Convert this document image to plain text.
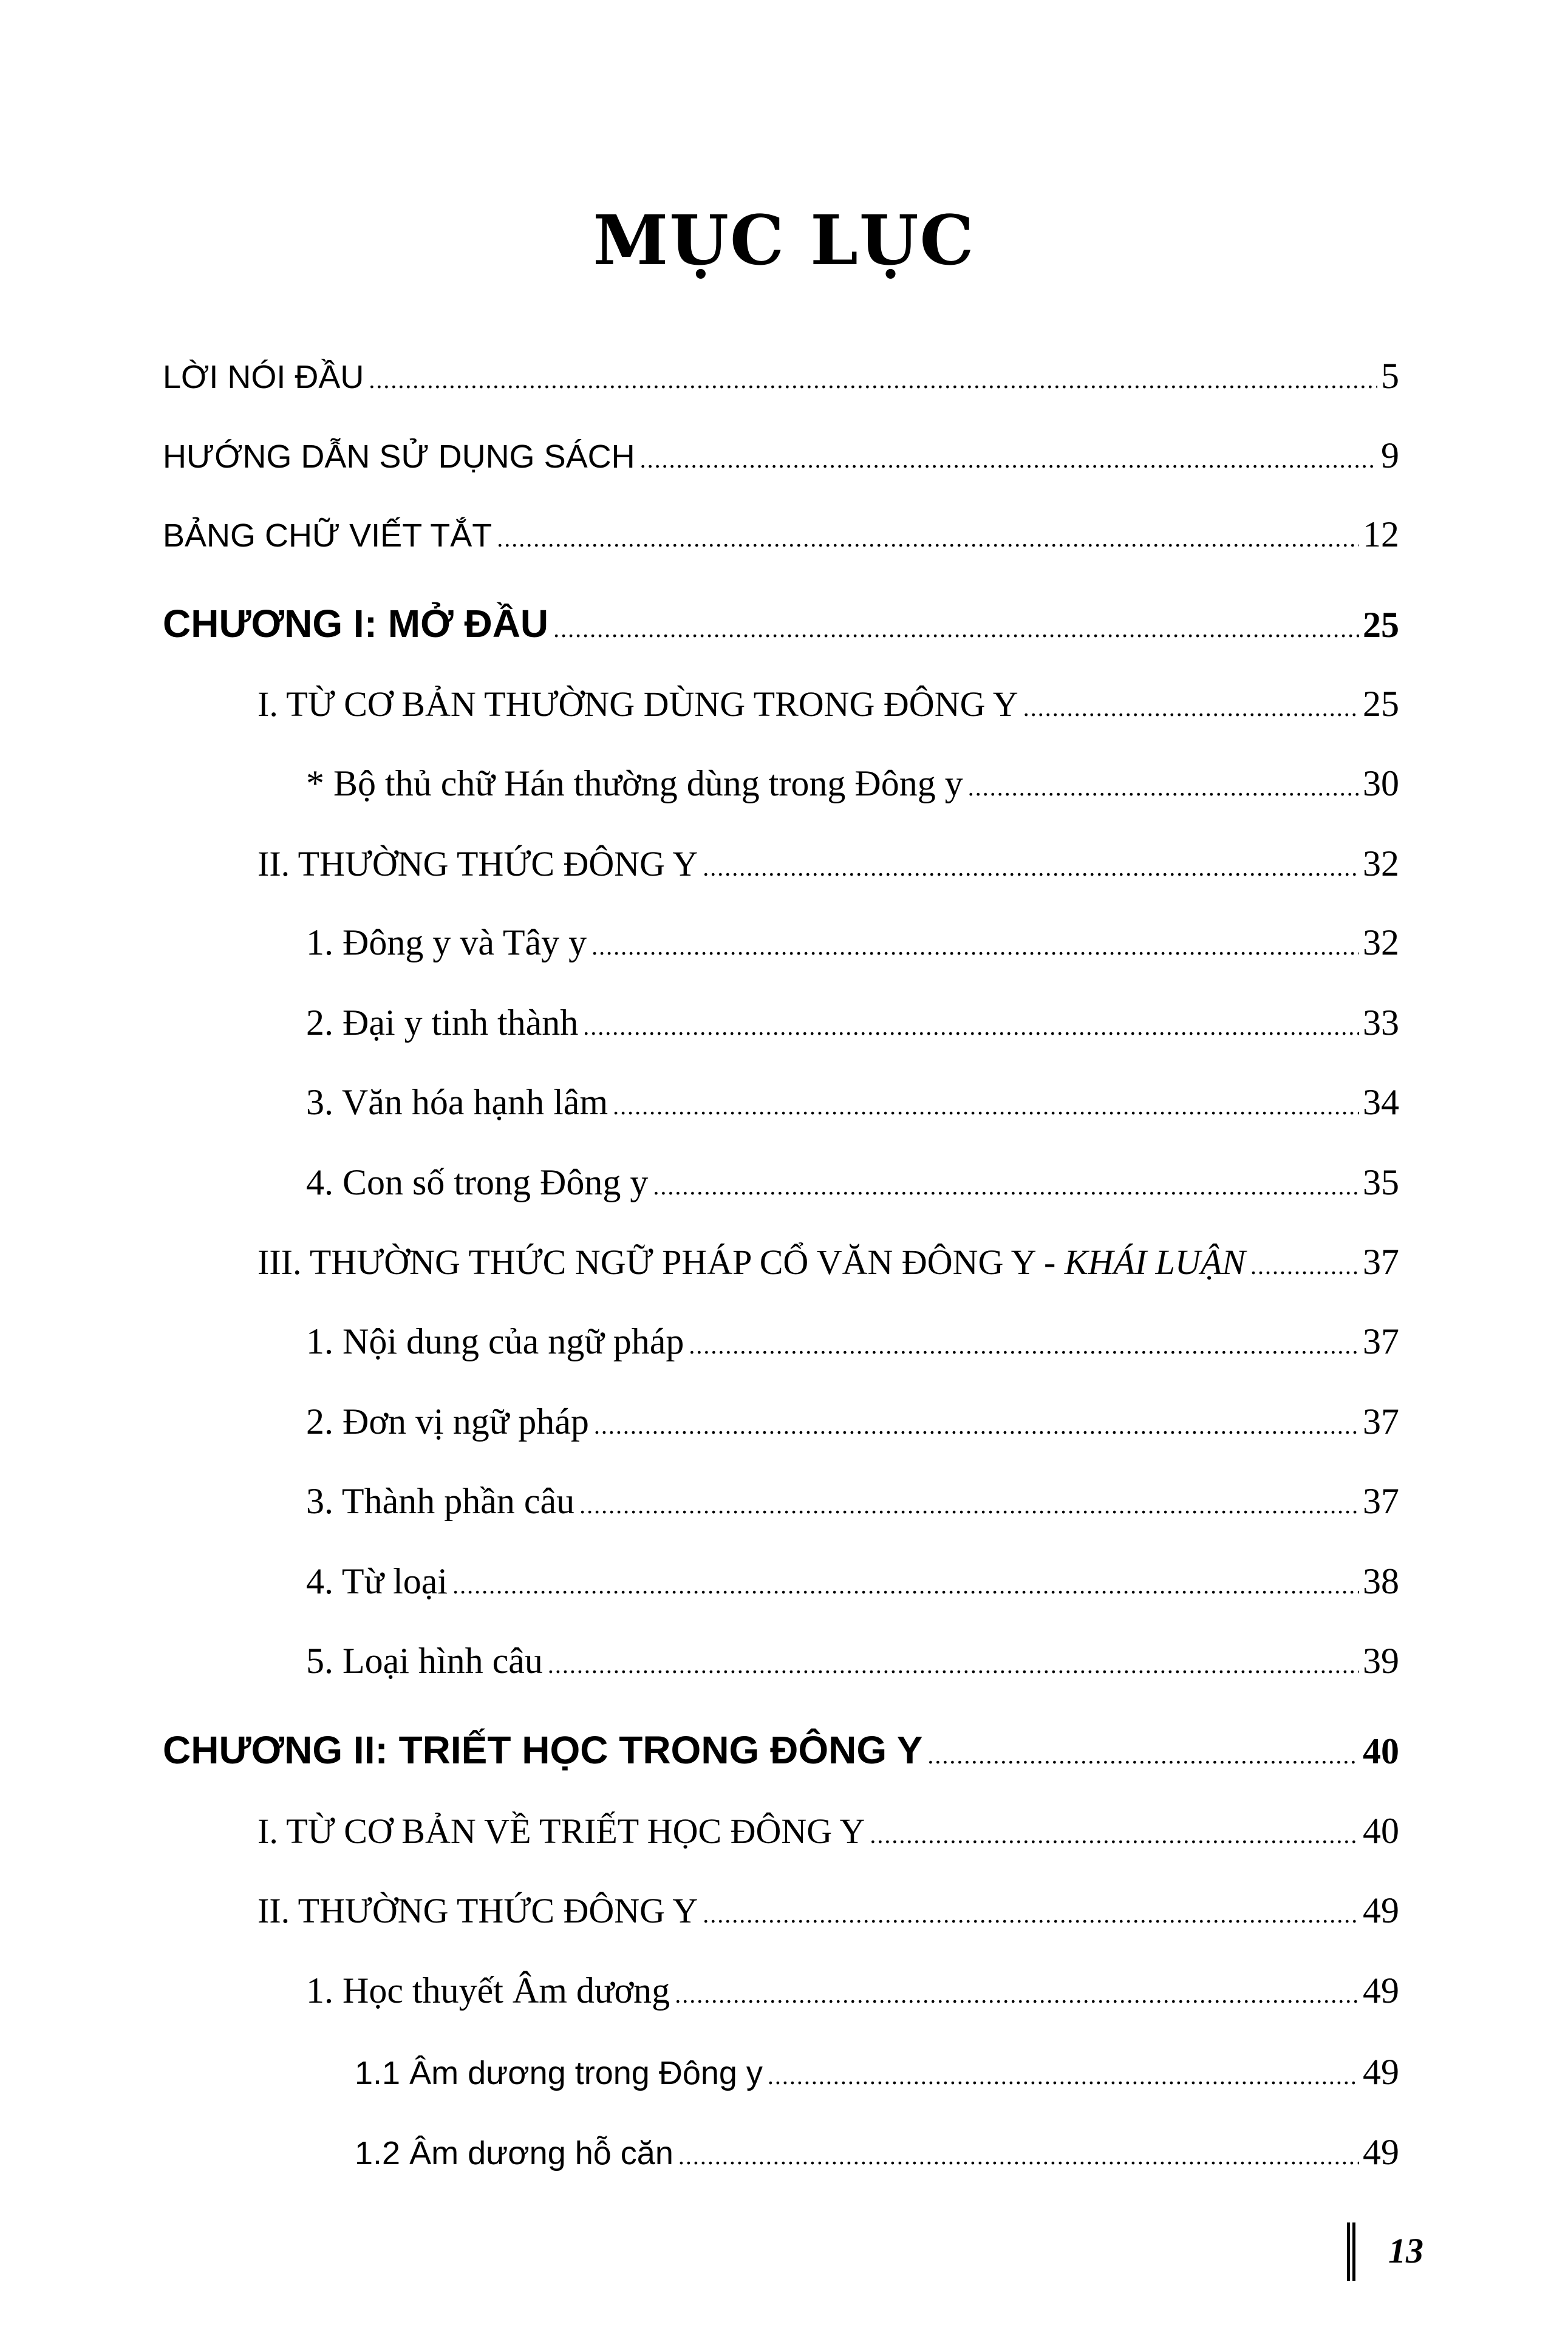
MỤC LỤC
LỜI NÓI ĐẦU . . .	5
HƯỚNG DẪN SỬ DỤNG SÁCH . . .	9
BẢNG CHỮ VIẾT TẮT . . .	12
CHƯƠNG I: MỞ ĐẦU . . .	25
I. TỪ CƠ BẢN THƯỜNG DÙNG TRONG ĐÔNG Y . . .	25
* Bộ thủ chữ Hán thường dùng trong Đông y . . .	30
II. THƯỜNG THỨC ĐÔNG Y . . .	32
1. Đông y và Tây y . . .	32
2. Đại y tinh thành . . .	33
3. Văn hóa hạnh lâm . . .	34
4. Con số trong Đông y . . .	35
III. THƯỜNG THỨC NGỮ PHÁP CỔ VĂN ĐÔNG Y - KHÁI LUẬN . . .	37
1. Nội dung của ngữ pháp . . .	37
2. Đơn vị ngữ pháp . . .	37
3. Thành phần câu . . .	37
4. Từ loại . . .	38
5. Loại hình câu . . .	39
CHƯƠNG II: TRIẾT HỌC TRONG ĐÔNG Y . . .	40
I. TỪ CƠ BẢN VỀ TRIẾT HỌC ĐÔNG Y . . .	40
II. THƯỜNG THỨC ĐÔNG Y . . .	49
1. Học thuyết Âm dương . . .	49
1.1 Âm dương trong Đông y . . .	49
1.2 Âm dương hỗ căn . . .	49
13
